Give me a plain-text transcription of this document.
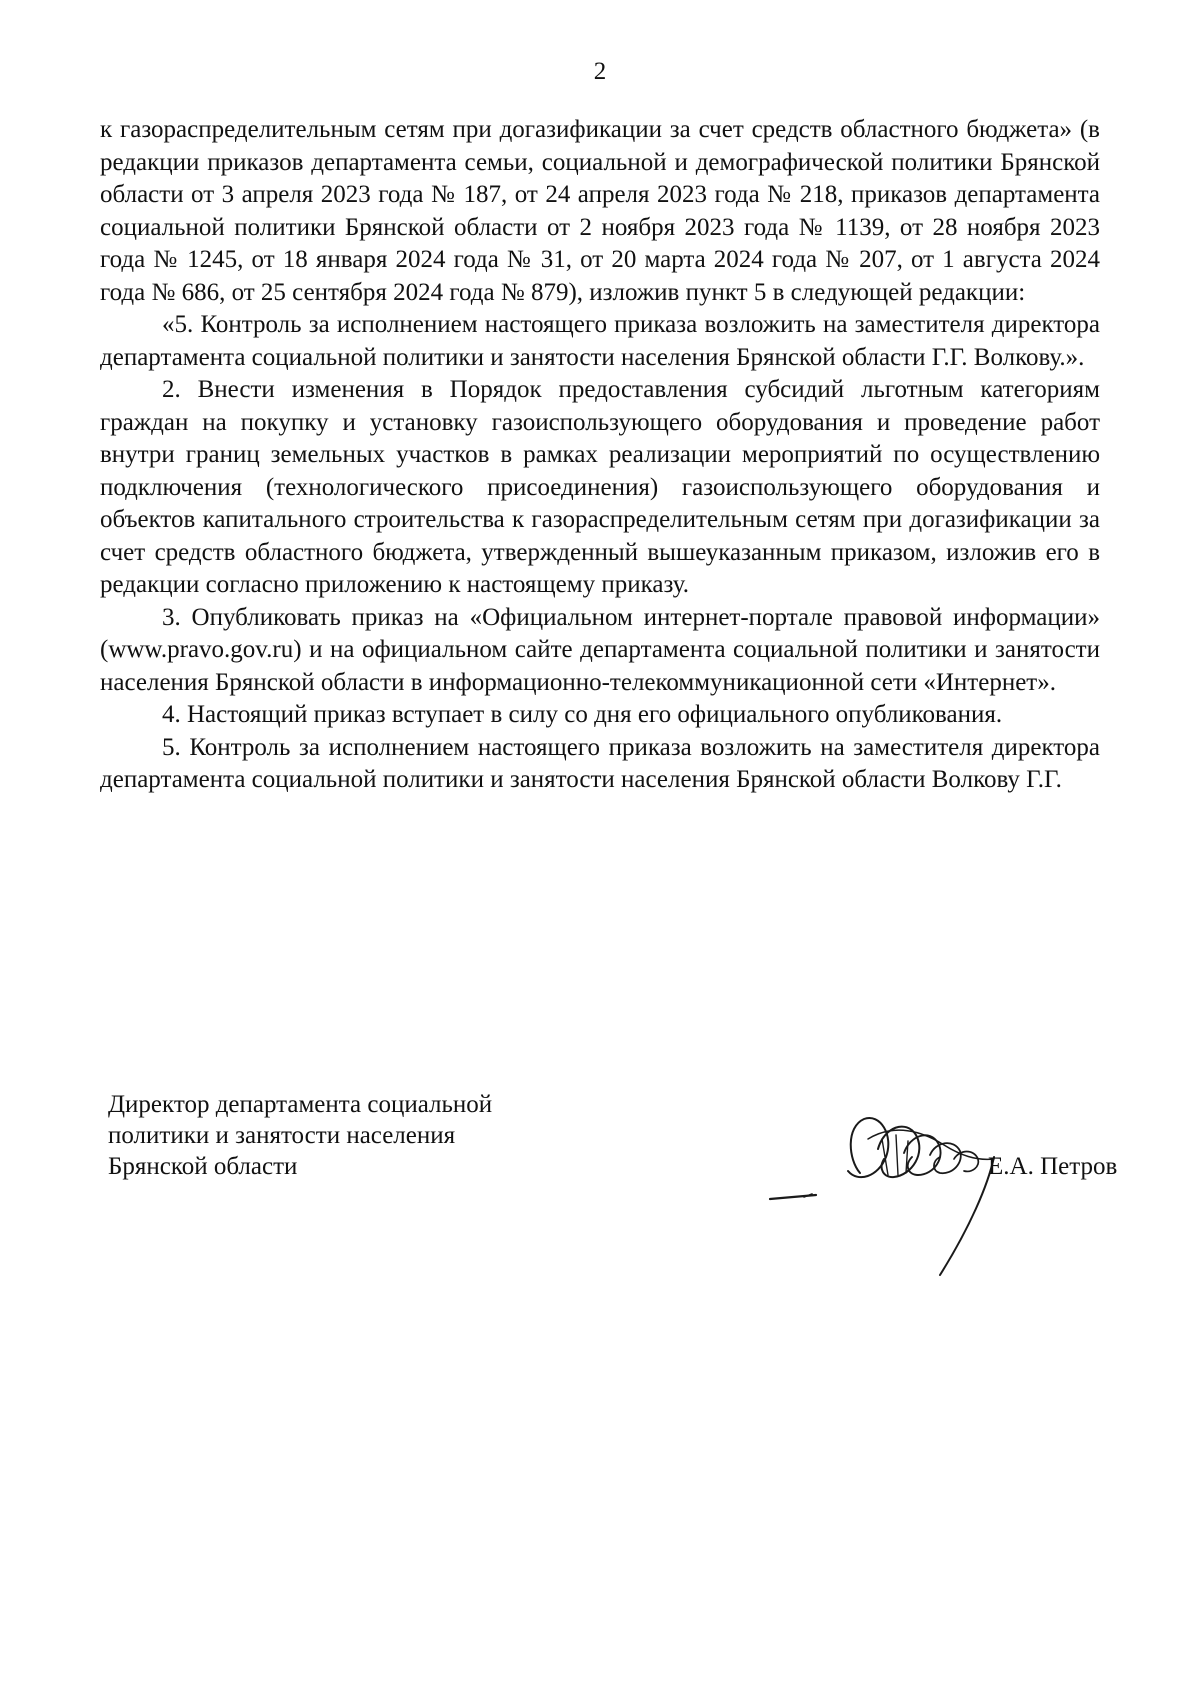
2

к газораспределительным сетям при догазификации за счет средств областного бюджета» (в редакции приказов департамента семьи, социальной и демографической политики Брянской области от 3 апреля 2023 года № 187, от 24 апреля 2023 года № 218, приказов департамента социальной политики Брянской области от 2 ноября 2023 года № 1139, от 28 ноября 2023 года № 1245, от 18 января 2024 года № 31, от 20 марта 2024 года № 207, от 1 августа 2024 года № 686, от 25 сентября 2024 года № 879), изложив пункт 5 в следующей редакции:

«5. Контроль за исполнением настоящего приказа возложить на заместителя директора департамента социальной политики и занятости населения Брянской области Г.Г. Волкову.».

2. Внести изменения в Порядок предоставления субсидий льготным категориям граждан на покупку и установку газоиспользующего оборудования и проведение работ внутри границ земельных участков в рамках реализации мероприятий по осуществлению подключения (технологического присоединения) газоиспользующего оборудования и объектов капитального строительства к газораспределительным сетям при догазификации за счет средств областного бюджета, утвержденный вышеуказанным приказом, изложив его в редакции согласно приложению к настоящему приказу.

3. Опубликовать приказ на «Официальном интернет-портале правовой информации» (www.pravo.gov.ru) и на официальном сайте департамента социальной политики и занятости населения Брянской области в информационно-телекоммуникационной сети «Интернет».

4. Настоящий приказ вступает в силу со дня его официального опубликования.

5. Контроль за исполнением настоящего приказа возложить на заместителя директора департамента социальной политики и занятости населения Брянской области Волкову Г.Г.

Директор департамента социальной
политики и занятости населения
Брянской области	Е.А. Петров
